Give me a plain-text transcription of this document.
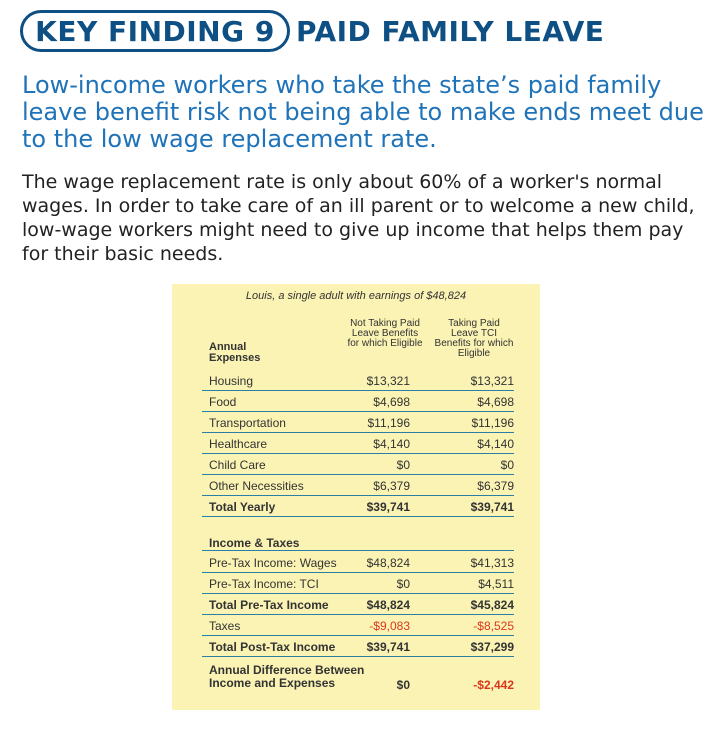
KEY FINDING 9 PAID FAMILY LEAVE
Low-income workers who take the state’s paid family leave benefit risk not being able to make ends meet due to the low wage replacement rate.
The wage replacement rate is only about 60% of a worker's normal wages. In order to take care of an ill parent or to welcome a new child, low-wage workers might need to give up income that helps them pay for their basic needs.
Louis, a single adult with earnings of $48,824
Not Taking Paid Leave Benefits for which Eligible
Taking Paid Leave TCI Benefits for which Eligible
Annual Expenses
Housing	$13,321	$13,321
Food	$4,698	$4,698
Transportation	$11,196	$11,196
Healthcare	$4,140	$4,140
Child Care	$0	$0
Other Necessities	$6,379	$6,379
Total Yearly	$39,741	$39,741
Income & Taxes
Pre-Tax Income: Wages	$48,824	$41,313
Pre-Tax Income: TCI	$0	$4,511
Total Pre-Tax Income	$48,824	$45,824
Taxes	-$9,083	-$8,525
Total Post-Tax Income	$39,741	$37,299
Annual Difference Between Income and Expenses	$0	-$2,442
